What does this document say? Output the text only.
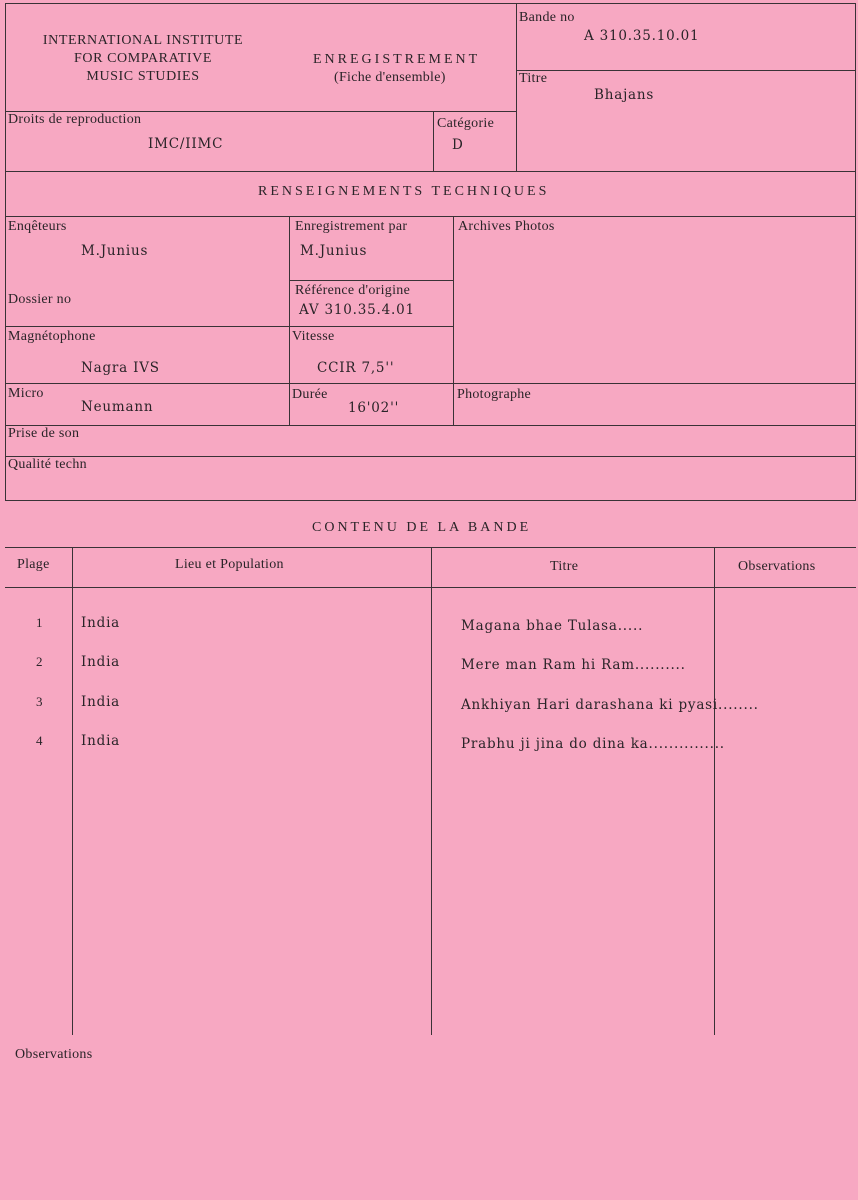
INTERNATIONAL INSTITUTE
FOR COMPARATIVE
MUSIC STUDIES
ENREGISTREMENT
(Fiche d'ensemble)
Bande no
A 310.35.10.01
Titre
Bhajans
Droits de reproduction
IMC/IIMC
Catégorie
D
RENSEIGNEMENTS TECHNIQUES
Enqêteurs
M.Junius
Enregistrement par
M.Junius
Archives Photos
Dossier no
Référence d'origine
AV 310.35.4.01
Magnétophone
Nagra IVS
Vitesse
CCIR 7,5''
Micro
Neumann
Durée
16'02''
Photographe
Prise de son
Qualité techn
CONTENU DE LA BANDE
Plage	Lieu et Population	Titre	Observations
1	India	Magana bhae Tulasa.....
2	India	Mere man Ram hi Ram..........
3	India	Ankhiyan Hari darashana ki pyasi........
4	India	Prabhu ji jina do dina ka...............
Observations
